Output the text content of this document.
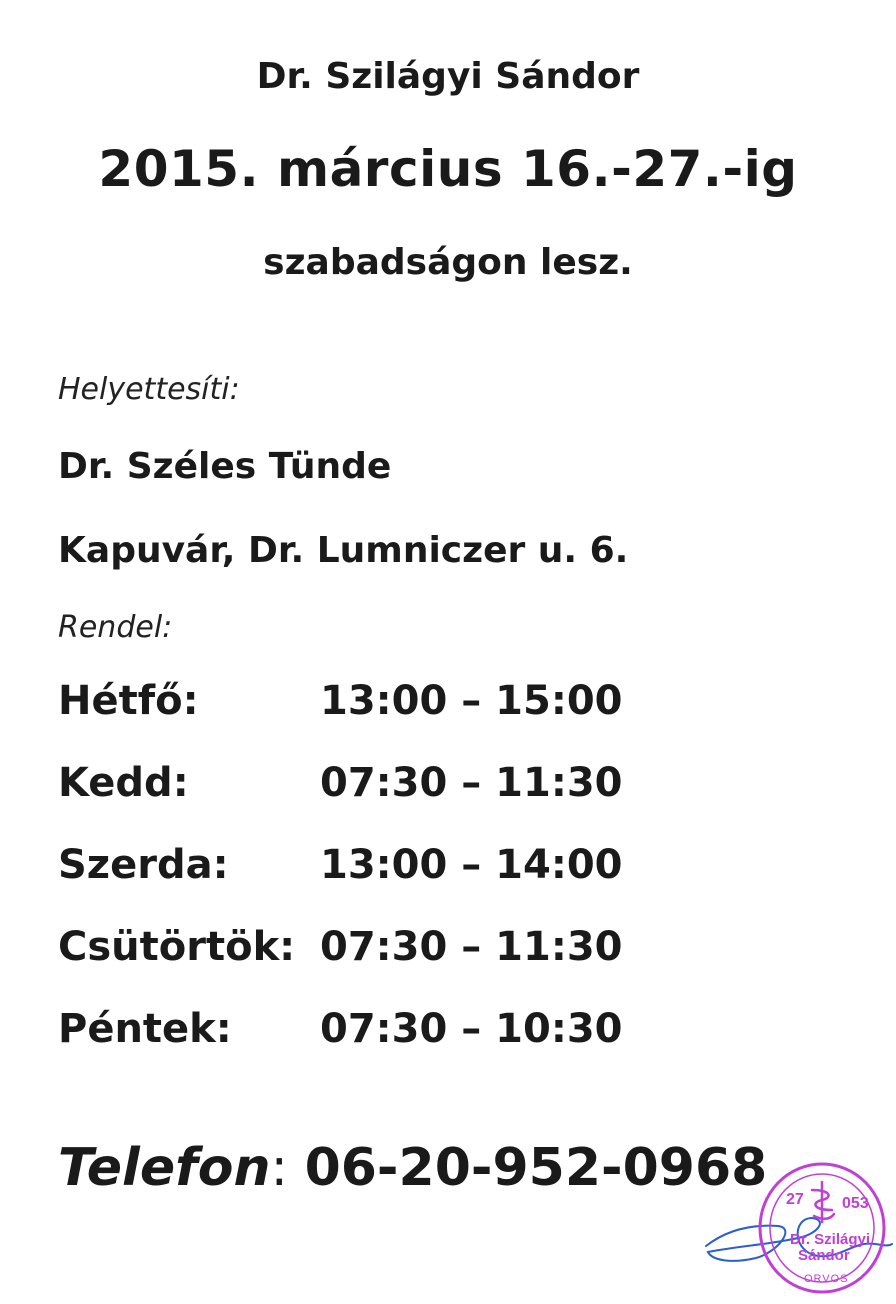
Dr. Szilágyi Sándor
2015. március 16.-27.-ig
szabadságon lesz.
Helyettesíti:
Dr. Széles Tünde
Kapuvár, Dr. Lumniczer u. 6.
Rendel:
Hétfő:	13:00 – 15:00
Kedd:	07:30 – 11:30
Szerda: 13:00 – 14:00
Csütörtök: 07:30 – 11:30
Péntek: 07:30 – 10:30
Telefon: 06-20-952-0968
27 053
Dr. Szilágyi
Sándor
ORVOS
